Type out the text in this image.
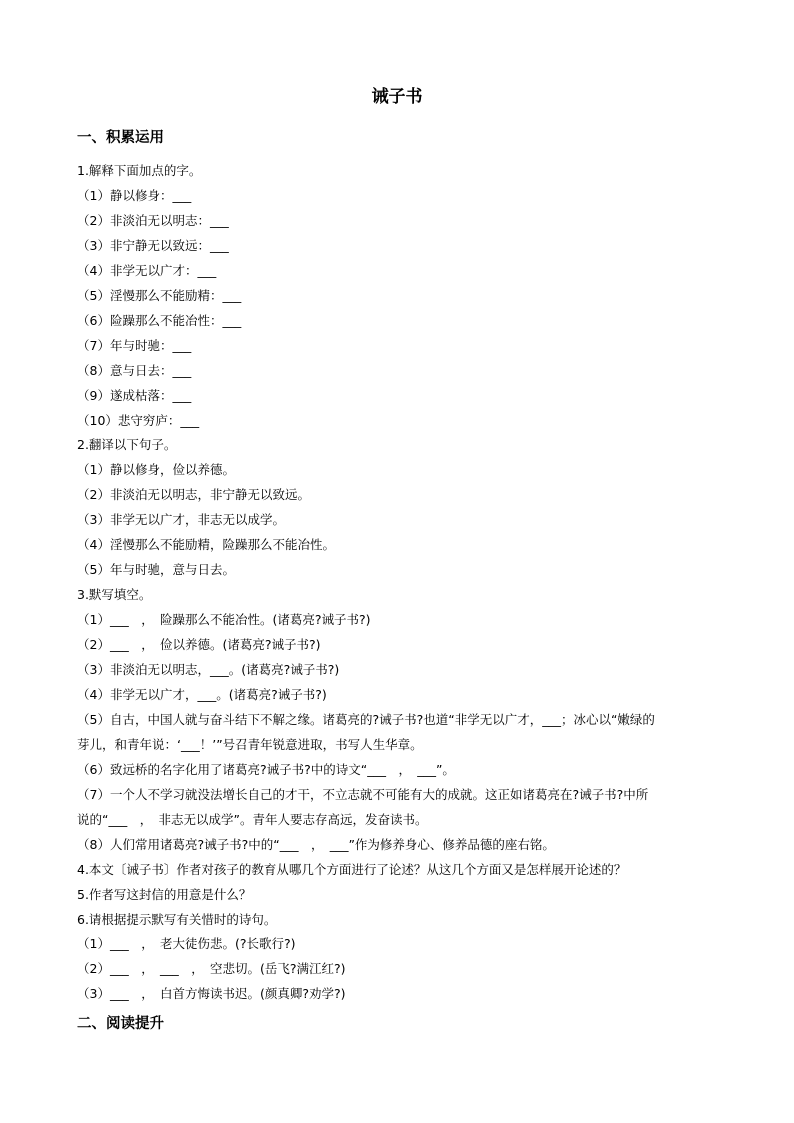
诫子书
一、积累运用
1.解释下面加点的字。
（1）静以修身：___
（2）非淡泊无以明志：___
（3）非宁静无以致远：___
（4）非学无以广才：___
（5）淫慢那么不能励精：___
（6）险躁那么不能冶性：___
（7）年与时驰：___
（8）意与日去：___
（9）遂成枯落：___
（10）悲守穷庐：___
2.翻译以下句子。
（1）静以修身，俭以养德。
（2）非淡泊无以明志，非宁静无以致远。
（3）非学无以广才，非志无以成学。
（4）淫慢那么不能励精，险躁那么不能冶性。
（5）年与时驰，意与日去。
3.默写填空。
（1）___　，　险躁那么不能冶性。(诸葛亮?诫子书?)
（2）___　，　俭以养德。(诸葛亮?诫子书?)
（3）非淡泊无以明志，___。(诸葛亮?诫子书?)
（4）非学无以广才，___。(诸葛亮?诫子书?)
（5）自古，中国人就与奋斗结下不解之缘。诸葛亮的?诫子书?也道“非学无以广才，___；冰心以“嫩绿的
芽儿，和青年说：‘___！’”号召青年锐意进取，书写人生华章。
（6）致远桥的名字化用了诸葛亮?诫子书?中的诗文“___　，　___”。
（7）一个人不学习就没法增长自己的才干，不立志就不可能有大的成就。这正如诸葛亮在?诫子书?中所
说的“___　，　非志无以成学”。青年人要志存高远，发奋读书。
（8）人们常用诸葛亮?诫子书?中的“___　，　___”作为修养身心、修养品德的座右铭。
4.本文〔诫子书〕作者对孩子的教育从哪几个方面进行了论述？从这几个方面又是怎样展开论述的？
5.作者写这封信的用意是什么？
6.请根据提示默写有关惜时的诗句。
（1）___　，　老大徒伤悲。(?长歌行?)
（2）___　，　___　，　空悲切。(岳飞?满江红?)
（3）___　，　白首方悔读书迟。(颜真卿?劝学?)
二、阅读提升
